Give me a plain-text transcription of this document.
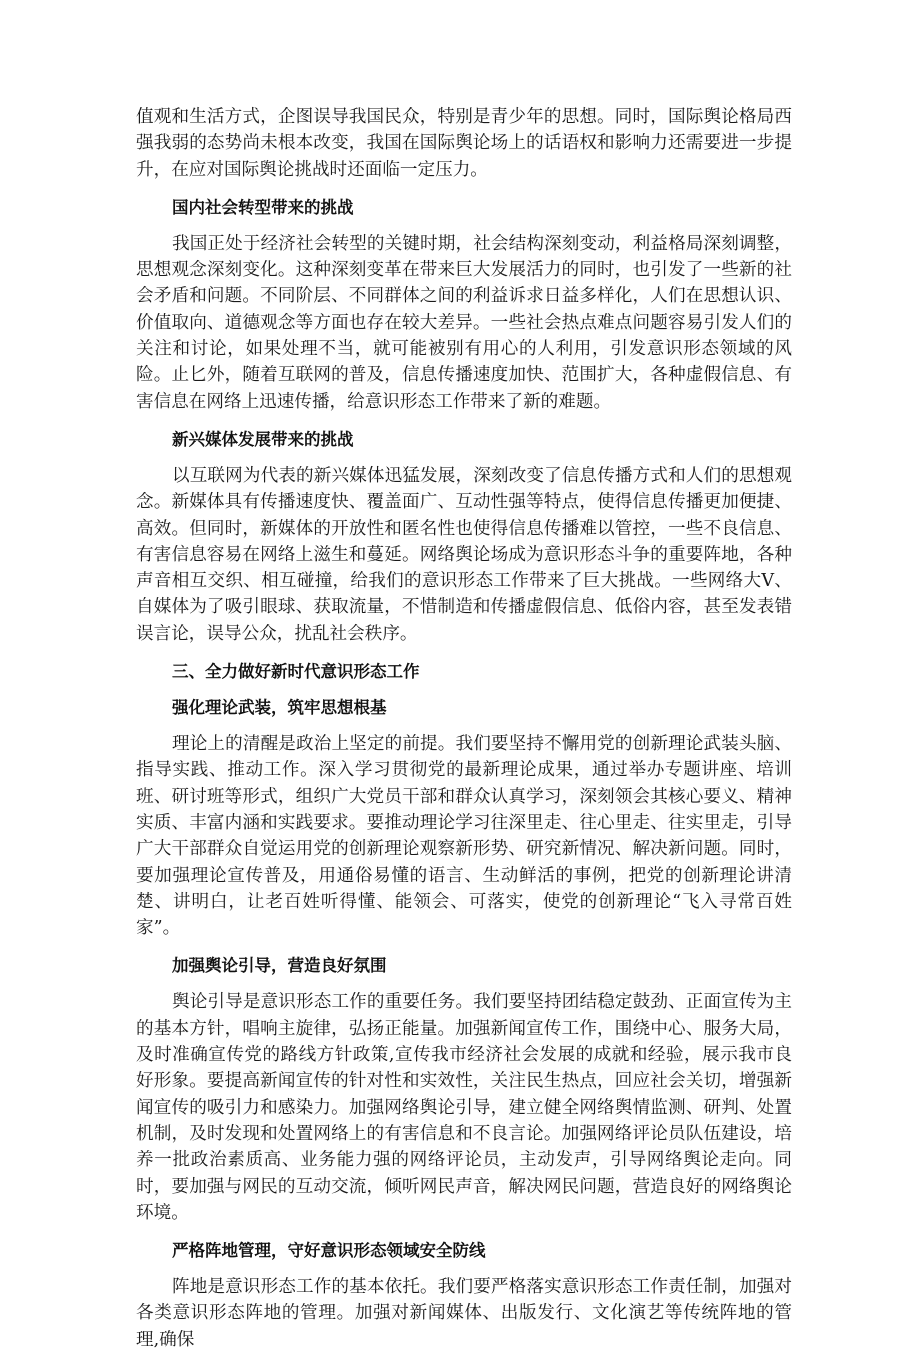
值观和生活方式，企图误导我国民众，特别是青少年的思想。同时，国际舆论格局西强我弱的态势尚未根本改变，我国在国际舆论场上的话语权和影响力还需要进一步提升，在应对国际舆论挑战时还面临一定压力。

国内社会转型带来的挑战

我国正处于经济社会转型的关键时期，社会结构深刻变动，利益格局深刻调整，思想观念深刻变化。这种深刻变革在带来巨大发展活力的同时，也引发了一些新的社会矛盾和问题。不同阶层、不同群体之间的利益诉求日益多样化，人们在思想认识、价值取向、道德观念等方面也存在较大差异。一些社会热点难点问题容易引发人们的关注和讨论，如果处理不当，就可能被别有用心的人利用，引发意识形态领域的风险。止匕外，随着互联网的普及，信息传播速度加快、范围扩大，各种虚假信息、有害信息在网络上迅速传播，给意识形态工作带来了新的难题。

新兴媒体发展带来的挑战

以互联网为代表的新兴媒体迅猛发展，深刻改变了信息传播方式和人们的思想观念。新媒体具有传播速度快、覆盖面广、互动性强等特点，使得信息传播更加便捷、高效。但同时，新媒体的开放性和匿名性也使得信息传播难以管控，一些不良信息、有害信息容易在网络上滋生和蔓延。网络舆论场成为意识形态斗争的重要阵地，各种声音相互交织、相互碰撞，给我们的意识形态工作带来了巨大挑战。一些网络大V、自媒体为了吸引眼球、获取流量，不惜制造和传播虚假信息、低俗内容，甚至发表错误言论，误导公众，扰乱社会秩序。

三、全力做好新时代意识形态工作
强化理论武装，筑牢思想根基

理论上的清醒是政治上坚定的前提。我们要坚持不懈用党的创新理论武装头脑、指导实践、推动工作。深入学习贯彻党的最新理论成果，通过举办专题讲座、培训班、研讨班等形式，组织广大党员干部和群众认真学习，深刻领会其核心要义、精神实质、丰富内涵和实践要求。要推动理论学习往深里走、往心里走、往实里走，引导广大干部群众自觉运用党的创新理论观察新形势、研究新情况、解决新问题。同时，要加强理论宣传普及，用通俗易懂的语言、生动鲜活的事例，把党的创新理论讲清楚、讲明白，让老百姓听得懂、能领会、可落实，使党的创新理论“飞入寻常百姓家”。

加强舆论引导，营造良好氛围

舆论引导是意识形态工作的重要任务。我们要坚持团结稳定鼓劲、正面宣传为主的基本方针，唱响主旋律，弘扬正能量。加强新闻宣传工作，围绕中心、服务大局，及时准确宣传党的路线方针政策,宣传我市经济社会发展的成就和经验，展示我市良好形象。要提高新闻宣传的针对性和实效性，关注民生热点，回应社会关切，增强新闻宣传的吸引力和感染力。加强网络舆论引导，建立健全网络舆情监测、研判、处置机制，及时发现和处置网络上的有害信息和不良言论。加强网络评论员队伍建设，培养一批政治素质高、业务能力强的网络评论员，主动发声，引导网络舆论走向。同时，要加强与网民的互动交流，倾听网民声音，解决网民问题，营造良好的网络舆论环境。

严格阵地管理，守好意识形态领域安全防线

阵地是意识形态工作的基本依托。我们要严格落实意识形态工作责任制，加强对各类意识形态阵地的管理。加强对新闻媒体、出版发行、文化演艺等传统阵地的管理,确保
